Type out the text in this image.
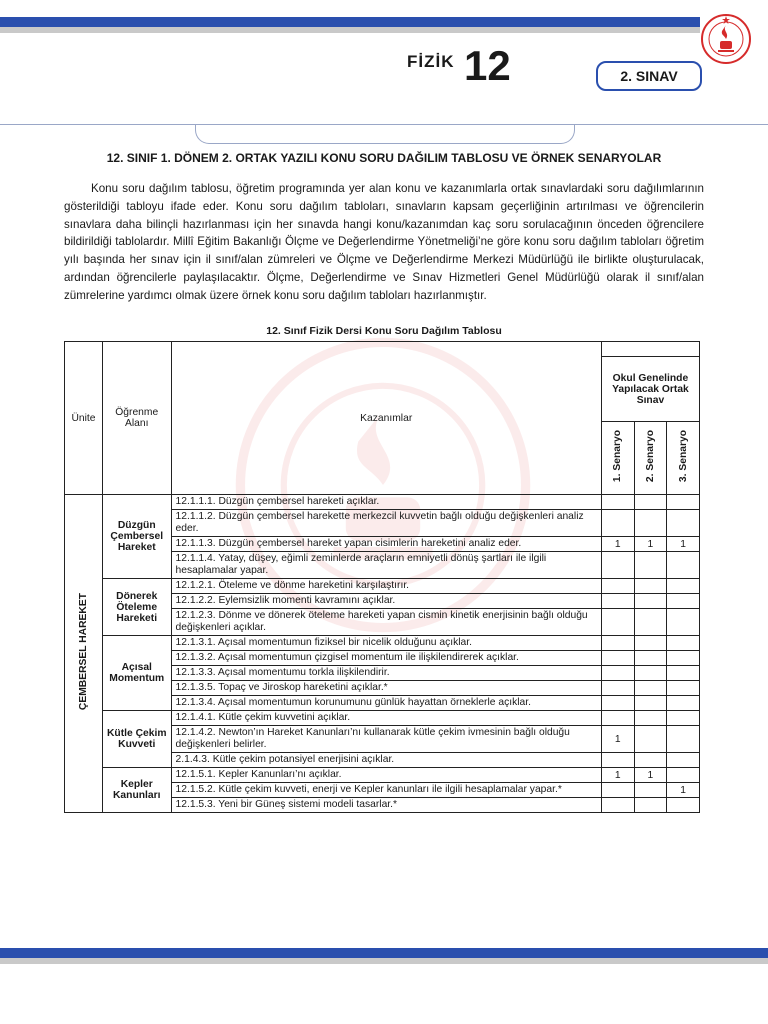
FİZİK 12	2. SINAV
12. SINIF 1. DÖNEM 2. ORTAK YAZILI KONU SORU DAĞILIM TABLOSU VE ÖRNEK SENARYOLAR

Konu soru dağılım tablosu, öğretim programında yer alan konu ve kazanımlarla ortak sınavlardaki soru dağılımlarının gösterildiği tabloyu ifade eder. Konu soru dağılım tabloları, sınavların kapsam geçerliğinin artırılması ve öğrencilerin sınavlara daha bilinçli hazırlanması için her sınavda hangi konu/kazanımdan kaç soru sorulacağının önceden öğrencilere bildirildiği tablolardır. Millî Eğitim Bakanlığı Ölçme ve Değerlendirme Yönetmeliği’ne göre konu soru dağılım tabloları öğretim yılı başında her sınav için il sınıf/alan zümreleri ve Ölçme ve Değerlendirme Merkezi Müdürlüğü ile birlikte oluşturulacak, ardından öğrencilerle paylaşılacaktır. Ölçme, Değerlendirme ve Sınav Hizmetleri Genel Müdürlüğü olarak il sınıf/alan zümrelerine yardımcı olmak üzere örnek konu soru dağılım tabloları hazırlanmıştır.

12. Sınıf Fizik Dersi Konu Soru Dağılım Tablosu
Ünite	Öğrenme Alanı	Kazanımlar			
			Okul Genelinde Yapılacak Ortak Sınav		
			1. Senaryo	2. Senaryo	3. Senaryo
ÇEMBERSEL HAREKET	Düzgün Çembersel Hareket	12.1.1.1. Düzgün çembersel hareketi açıklar.			
		12.1.1.2. Düzgün çembersel harekette merkezcil kuvvetin bağlı olduğu değişkenleri analiz eder.			
		12.1.1.3. Düzgün çembersel hareket yapan cisimlerin hareketini analiz eder.	1	1	1
		12.1.1.4. Yatay, düşey, eğimli zeminlerde araçların emniyetli dönüş şartları ile ilgili hesaplamalar yapar.			
	Dönerek Öteleme Hareketi	12.1.2.1. Öteleme ve dönme hareketini karşılaştırır.			
		12.1.2.2. Eylemsizlik momenti kavramını açıklar.			
		12.1.2.3. Dönme ve dönerek öteleme hareketi yapan cismin kinetik enerjisinin bağlı olduğu değişkenleri açıklar.			
	Açısal Momentum	12.1.3.1. Açısal momentumun fiziksel bir nicelik olduğunu açıklar.			
		12.1.3.2. Açısal momentumun çizgisel momentum ile ilişkilendirerek açıklar.			
		12.1.3.3. Açısal momentumu torkla ilişkilendirir.			
		12.1.3.5. Topaç ve Jiroskop hareketini açıklar.*			
		12.1.3.4. Açısal momentumun korunumunu günlük hayattan örneklerle açıklar.			
	Kütle Çekim Kuvveti	12.1.4.1. Kütle çekim kuvvetini açıklar.			
		12.1.4.2. Newton’ın Hareket Kanunları’nı kullanarak kütle çekim ivmesinin bağlı olduğu değişkenleri belirler.	1		
		2.1.4.3. Kütle çekim potansiyel enerjisini açıklar.			
	Kepler Kanunları	12.1.5.1. Kepler Kanunları’nı açıklar.	1	1	
		12.1.5.2. Kütle çekim kuvveti, enerji ve Kepler kanunları ile ilgili hesaplamalar yapar.*			1
		12.1.5.3. Yeni bir Güneş sistemi modeli tasarlar.*			
